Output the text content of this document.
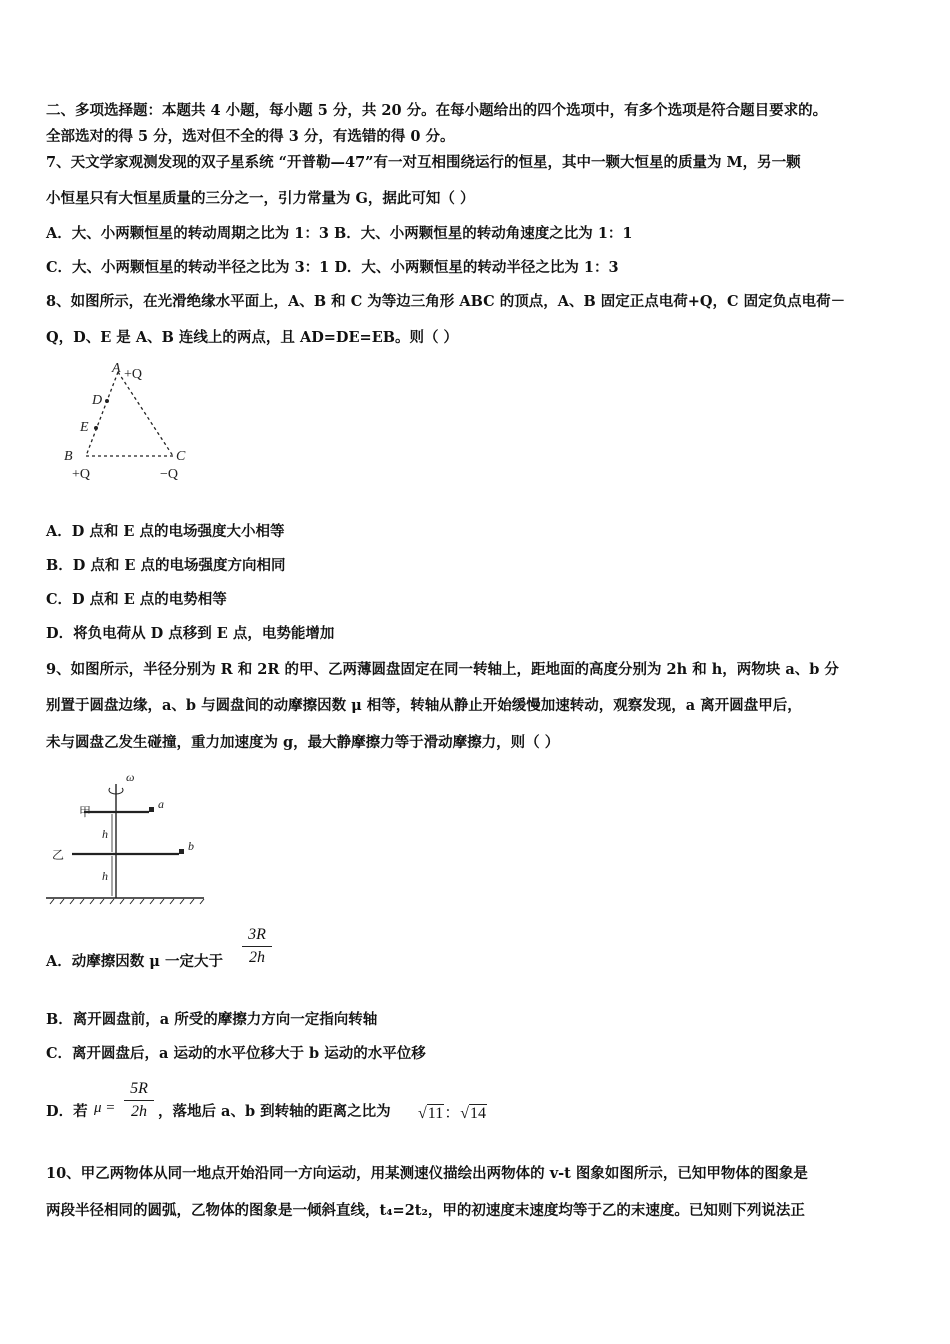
二、多项选择题：本题共 4 小题，每小题 5 分，共 20 分。在每小题给出的四个选项中，有多个选项是符合题目要求的。
全部选对的得 5 分，选对但不全的得 3 分，有选错的得 0 分。
7、天文学家观测发现的双子星系统 “开普勒—47”有一对互相围绕运行的恒星，其中一颗大恒星的质量为 M，另一颗
小恒星只有大恒星质量的三分之一，引力常量为 G，据此可知（ ）
A．大、小两颗恒星的转动周期之比为 1：3 B．大、小两颗恒星的转动角速度之比为 1：1
C．大、小两颗恒星的转动半径之比为 3：1 D．大、小两颗恒星的转动半径之比为 1：3
8、如图所示，在光滑绝缘水平面上，A、B 和 C 为等边三角形 ABC 的顶点，A、B 固定正点电荷+Q，C 固定负点电荷－
Q，D、E 是 A、B 连线上的两点，且 AD=DE=EB。则（ ）
A +Q
D
E
B	C
+Q	−Q
A．D 点和 E 点的电场强度大小相等
B．D 点和 E 点的电场强度方向相同
C．D 点和 E 点的电势相等
D．将负电荷从 D 点移到 E 点，电势能增加
9、如图所示，半径分别为 R 和 2R 的甲、乙两薄圆盘固定在同一转轴上，距地面的高度分别为 2h 和 h，两物块 a、b 分
别置于圆盘边缘，a、b 与圆盘间的动摩擦因数 μ 相等，转轴从静止开始缓慢加速转动，观察发现，a 离开圆盘甲后，
未与圆盘乙发生碰撞，重力加速度为 g，最大静摩擦力等于滑动摩擦力，则（ ）
ω
甲
乙
a
b
h
h
A．动摩擦因数 μ 一定大于
3R
2h
B．离开圆盘前，a 所受的摩擦力方向一定指向转轴
C．离开圆盘后，a 运动的水平位移大于 b 运动的水平位移
D．若 μ =
5R
2h ，落地后 a、b 到转轴的距离之比为 √11：√14
10、甲乙两物体从同一地点开始沿同一方向运动，用某测速仪描绘出两物体的 v-t 图象如图所示，已知甲物体的图象是
两段半径相同的圆弧，乙物体的图象是一倾斜直线，t₄=2t₂，甲的初速度末速度均等于乙的末速度。已知则下列说法正
